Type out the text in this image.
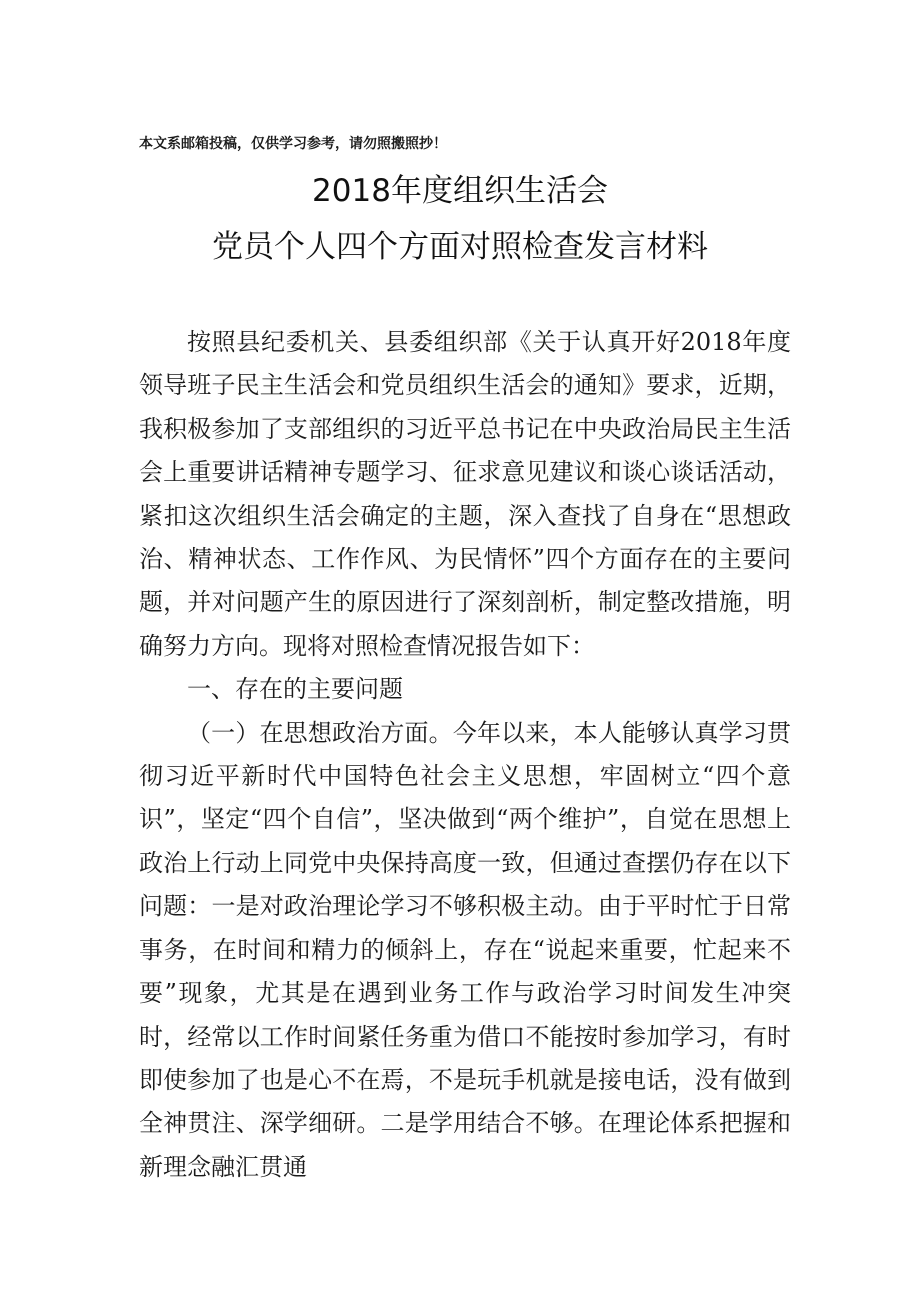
本文系邮箱投稿，仅供学习参考，请勿照搬照抄！
2018年度组织生活会
党员个人四个方面对照检查发言材料

按照县纪委机关、县委组织部《关于认真开好2018年度领导班子民主生活会和党员组织生活会的通知》要求，近期，我积极参加了支部组织的习近平总书记在中央政治局民主生活会上重要讲话精神专题学习、征求意见建议和谈心谈话活动，紧扣这次组织生活会确定的主题，深入查找了自身在“思想政治、精神状态、工作作风、为民情怀”四个方面存在的主要问题，并对问题产生的原因进行了深刻剖析，制定整改措施，明确努力方向。现将对照检查情况报告如下：

一、存在的主要问题

（一）在思想政治方面。今年以来，本人能够认真学习贯彻习近平新时代中国特色社会主义思想，牢固树立“四个意识”，坚定“四个自信”，坚决做到“两个维护”，自觉在思想上政治上行动上同党中央保持高度一致，但通过查摆仍存在以下问题：一是对政治理论学习不够积极主动。由于平时忙于日常事务，在时间和精力的倾斜上，存在“说起来重要，忙起来不要”现象，尤其是在遇到业务工作与政治学习时间发生冲突时，经常以工作时间紧任务重为借口不能按时参加学习，有时即使参加了也是心不在焉，不是玩手机就是接电话，没有做到全神贯注、深学细研。二是学用结合不够。在理论体系把握和新理念融汇贯通
